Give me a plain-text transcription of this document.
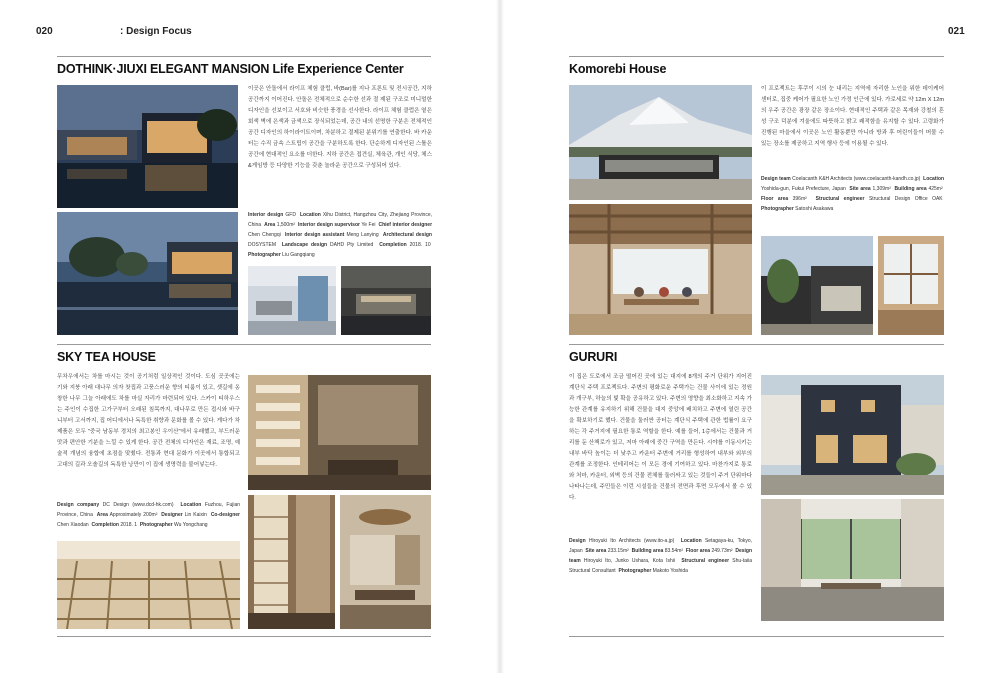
020	: Design Focus	021
DOTHINK·JIUXI ELEGANT MANSION Life Experience Center
이곳은 안돌에서 라이프 체험 클럽, 바(Bar)를 지나 프론트 및 전시공간, 지하 공간까지 이어진다. 안돌은 전체적으로 순수한 선과 절 제된 구조로 미니멀한 디자인을 선보이고 서호와 비슷한 풍경을 선사한다. 라이프 체험 클럽은 옅은 회색 벽에 은색과 금색으로 장식되었는데, 공간 내의 선명한 구분은 전체적인 공간 디자인의 하이라이트이며, 차분하고 절제된 분위기를 연출한다. 바 카운터는 수직 금속 스트립이 공간을 구분하도록 한다. 단순하게 디자인된 스툴은 공간에 현대적인 요소를 더한다. 지하 공간은 접견실, 체육관, 개인 식당, 체스&게임방 등 다양한 기능을 갖춘 놀라운 공간으로 구성되어 있다.
Interior design GFD Location Xihu District, Hangzhou City, Zhejiang Province, China Area 1,500m² Interior design supervisor Ye Fei Chief interior designer Chen Chengqi Interior design assistant Meng Lanying Architectural design DOSYSTEM Landscape design DAHD Pty Limited Completion 2018. 10  Photographer Liu Gangqiang
SKY TEA HOUSE
무차우에서는 차를 마시는 것이 공기처럼 일상적인 것이다. 도심 곳곳에는 기와 지붕 아래 대나무 의자 찻집과 고풍스러운 향의 티룸이 있고, 셋길에 옹창한 나무 그늘 아래에도 차를 마실 자리가 마련되어 있다. 스카이 티하우스는 주인이 수집한 고가구부터 오래된 침목까지, 대나무로 만든 접시와 바구니부터 고서까지, 집 어디에서나 독특한 취향과 문화를 볼 수 있다. 게다가 차 제품은 모두 "중국 남동부 경치의 최고봉인 우이산"에서 유래했고, 부드러운 맛과 편안한 기분을 느낄 수 있게 한다. 공간 전체의 디자인은 재료, 조명, 예술적 개념의 융합에 초점을 맞췄다. 전통과 현대 문화가 이곳에서 통합되고 고대의 길과 오솔길의 독특한 낭만이 이 집에 생명력을 불어넣는다.
Design company DC Design (www.dcd-hk.com) Location Fuzhou, Fujian Province, China Area Approximately 200m² Designer Lin Kaixin Co-designer Chen Xiaodan Completion 2018. 1 Photographer Wu Yongchang
Komorebi House
이 프로젝트는 후쿠이 시의 눈 내리는 지역에 자리한 노인을 위한 데이케어 센터로, 집중 케어가 필요한 노인 가정 인근에 있다. 가로세로 약 12m X 12m의 우주 공간은 광장 같은 장소이다. 현대적인 주택과 같은 목재와 강철의 혼성 구조 덕분에 겨울에도 따뜻하고 밝고 쾌적함을 유지할 수 있다. 고령화가 진행된 마을에서 이곳은 노인 활동뿐만 아니라 방과 후 어린이들이 머물 수 있는 장소를 제공하고 지역 행사 등에 이용될 수 있다.
Design team Coelacanth K&H Architects (www.coelacanth-kandh.co.jp) Location Yoshida-gun, Fukui Prefecture, Japan Site area 1,309m² Building area 425m²  Floor area 396m² Structural engineer Structural Design Office OAK  Photographer Satoshi Asakawa
GURURI
이 집은 도로에서 조금 떨어진 곳에 있는 대지에 8개의 주거 단위가 지어진 계단식 주택 프로젝트다. 주변의 평화로운 주택가는 건물 사이에 있는 정원과 개구부, 하늘의 빛 확을 공유하고 있다. 주변의 영향을 최소화하고 지속 가능한 관계를 유지하기 위해 건물을 대지 중앙에 배치하고 주변에 열린 공간을 확보하기로 했다. 건물을 둘러싼 공터는 계단식 주택에 관한 법률이 요구하는 각 주거지에 필요한 통로 역할을 한다. 예를 들어, 1층에서는 건물과 거리를 둔 산책로가 있고, 저마 아래에 중간 구역을 만든다. 시야를 이동시키는 내부 바닥 높이는 더 낮추고 카운터 주변에 거리를 형성하여 내부와 외부의 관계를 조정한다. 인테리어는 이 모든 경에 기여하고 있다. 마찬가지로 통로와 처마, 카운터, 외벽 등의 건물 전체를 둘러싸고 있는 것들이 주거 단위마다 나타나는데, 주민들은 이런 시설들을 건물의 전면과 후면 모두에서 볼 수 있다.
Design Hiroyuki Ito Architects (www.ito-a.jp) Location Setagaya-ku, Tokyo, Japan Site area 233.15m² Building area 83.54m² Floor area 249.73m² Design team Hiroyuki Ito, Junko Ushara, Kota Ishii Structural engineer Shu-taiia Structural Consultant Photographer Makoto Yoshida
